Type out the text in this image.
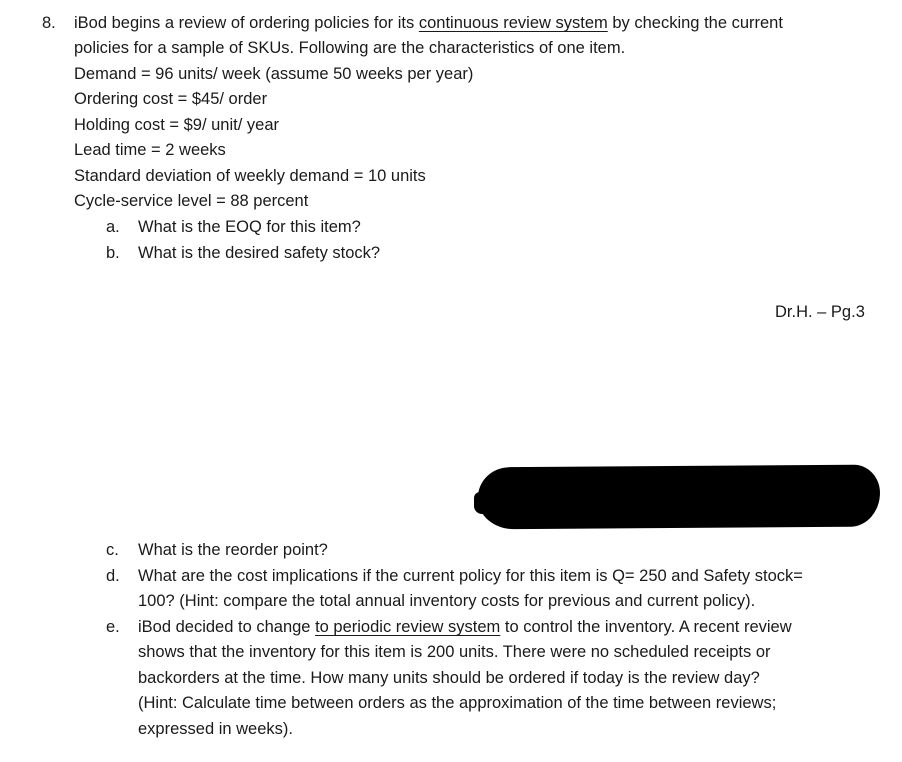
8. iBod begins a review of ordering policies for its continuous review system by checking the current
policies for a sample of SKUs. Following are the characteristics of one item.
Demand = 96 units/ week (assume 50 weeks per year)
Ordering cost = $45/ order
Holding cost = $9/ unit/ year
Lead time = 2 weeks
Standard deviation of weekly demand = 10 units
Cycle-service level = 88 percent
a. What is the EOQ for this item?
b. What is the desired safety stock?
Dr.H. – Pg.3
c. What is the reorder point?
d. What are the cost implications if the current policy for this item is Q= 250 and Safety stock=
100? (Hint: compare the total annual inventory costs for previous and current policy).
e. iBod decided to change to periodic review system to control the inventory. A recent review
shows that the inventory for this item is 200 units. There were no scheduled receipts or
backorders at the time. How many units should be ordered if today is the review day?
(Hint: Calculate time between orders as the approximation of the time between reviews;
expressed in weeks).
